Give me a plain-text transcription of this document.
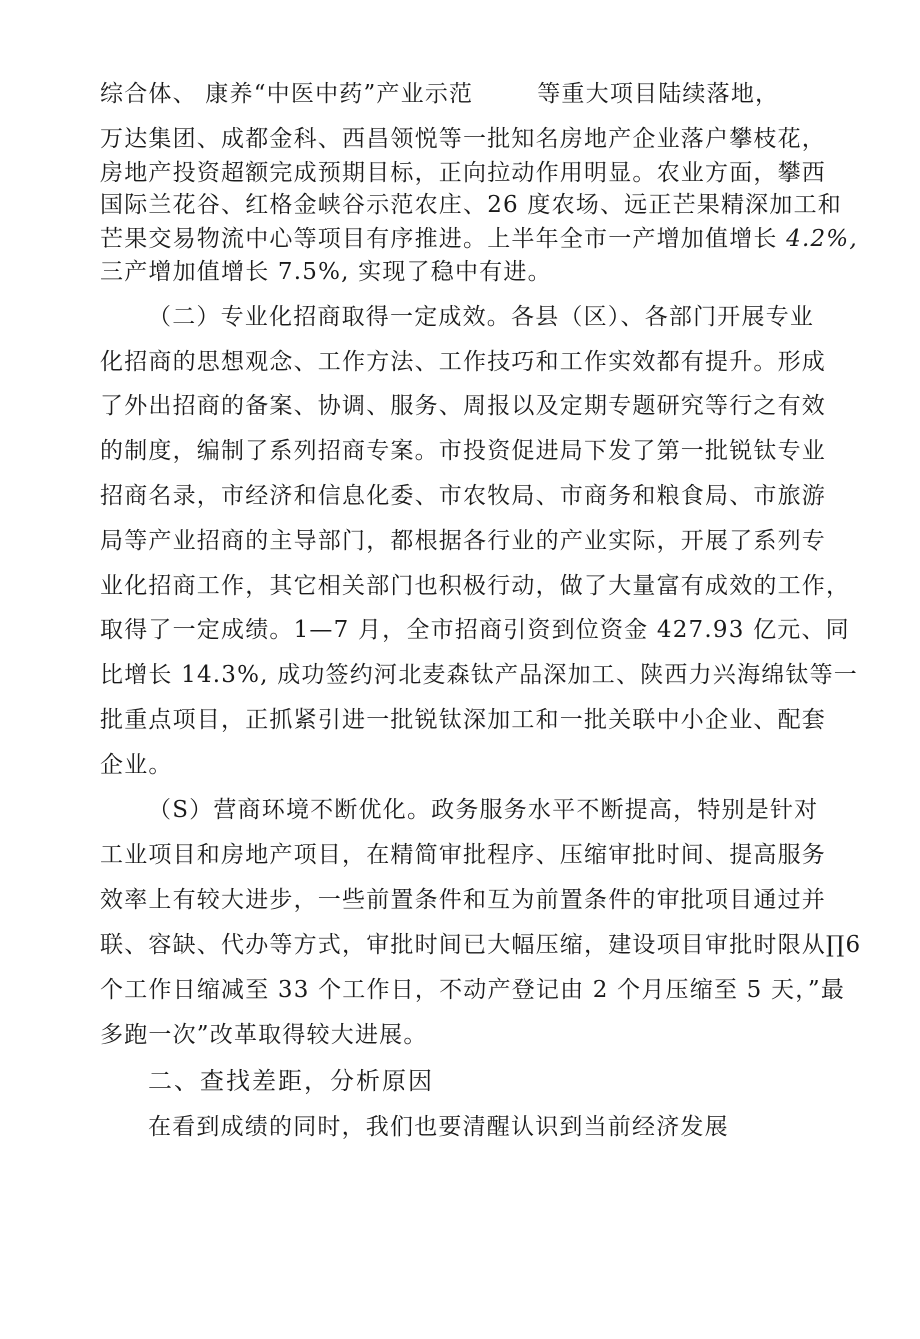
综合体、 康养“中医中药”产业示范	等重大项目陆续落地，
万达集团、成都金科、西昌领悦等一批知名房地产企业落户攀枝花，
房地产投资超额完成预期目标，正向拉动作用明显。农业方面，攀西
国际兰花谷、红格金峡谷示范农庄、26 度农场、远正芒果精深加工和
芒果交易物流中心等项目有序推进。上半年全市一产增加值增长 4.2%,
三产增加值增长 7.5%, 实现了稳中有进。
（二）专业化招商取得一定成效。各县（区）、各部门开展专业
化招商的思想观念、工作方法、工作技巧和工作实效都有提升。形成
了外出招商的备案、协调、服务、周报以及定期专题研究等行之有效
的制度，编制了系列招商专案。市投资促进局下发了第一批锐钛专业
招商名录，市经济和信息化委、市农牧局、市商务和粮食局、市旅游
局等产业招商的主导部门，都根据各行业的产业实际，开展了系列专
业化招商工作，其它相关部门也积极行动，做了大量富有成效的工作，
取得了一定成绩。1—7 月，全市招商引资到位资金 427.93 亿元、同
比增长 14.3%, 成功签约河北麦森钛产品深加工、陕西力兴海绵钛等一
批重点项目，正抓紧引进一批锐钛深加工和一批关联中小企业、配套
企业。
（S）营商环境不断优化。政务服务水平不断提高，特别是针对
工业项目和房地产项目，在精简审批程序、压缩审批时间、提高服务
效率上有较大进步，一些前置条件和互为前置条件的审批项目通过并
联、容缺、代办等方式，审批时间已大幅压缩，建设项目审批时限从∏6
个工作日缩减至 33 个工作日，不动产登记由 2 个月压缩至 5 天，”最
多跑一次”改革取得较大进展。
二、查找差距，分析原因
在看到成绩的同时，我们也要清醒认识到当前经济发展
